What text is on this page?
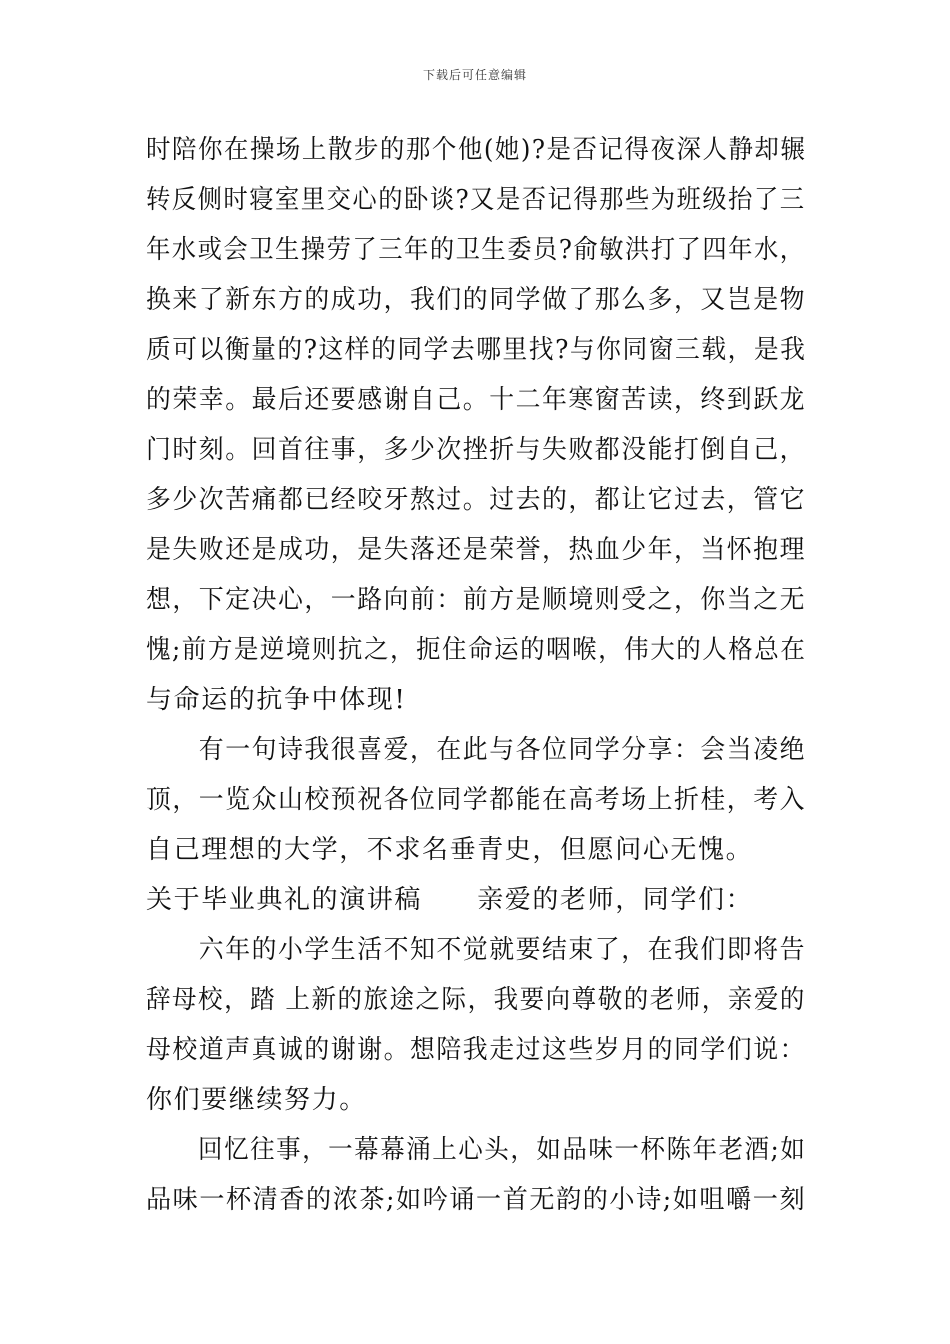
下载后可任意编辑
时陪你在操场上散步的那个他(她)?是否记得夜深人静却辗
转反侧时寝室里交心的卧谈?又是否记得那些为班级抬了三
年水或会卫生操劳了三年的卫生委员?俞敏洪打了四年水，
换来了新东方的成功，我们的同学做了那么多，又岂是物
质可以衡量的?这样的同学去哪里找?与你同窗三载，是我
的荣幸。最后还要感谢自己。十二年寒窗苦读，终到跃龙
门时刻。回首往事，多少次挫折与失败都没能打倒自己，
多少次苦痛都已经咬牙熬过。过去的，都让它过去，管它
是失败还是成功，是失落还是荣誉，热血少年，当怀抱理
想，下定决心，一路向前：前方是顺境则受之，你当之无
愧;前方是逆境则抗之，扼住命运的咽喉，伟大的人格总在
与命运的抗争中体现!
　　有一句诗我很喜爱，在此与各位同学分享：会当凌绝
顶，一览众山校预祝各位同学都能在高考场上折桂，考入
自己理想的大学，不求名垂青史，但愿问心无愧。
关于毕业典礼的演讲稿　　亲爱的老师，同学们：
　　六年的小学生活不知不觉就要结束了，在我们即将告
辞母校，踏 上新的旅途之际，我要向尊敬的老师，亲爱的
母校道声真诚的谢谢。想陪我走过这些岁月的同学们说：
你们要继续努力。
　　回忆往事，一幕幕涌上心头，如品味一杯陈年老酒;如
品味一杯清香的浓茶;如吟诵一首无韵的小诗;如咀嚼一刻
